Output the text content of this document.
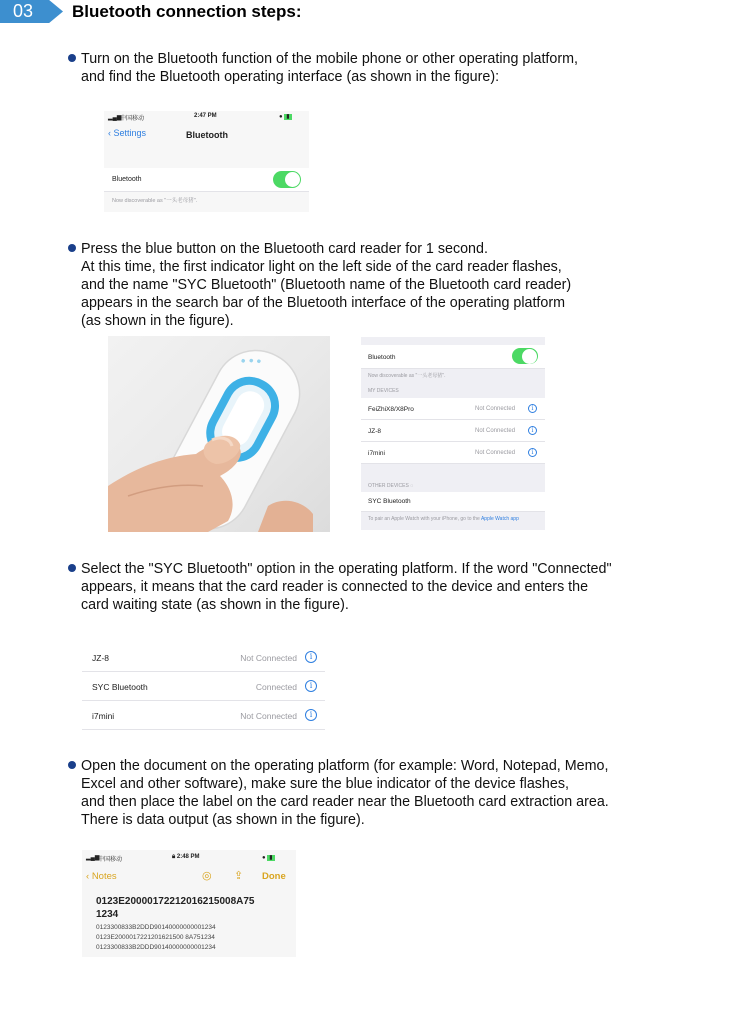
03	Bluetooth connection steps:
Turn on the Bluetooth function of the mobile phone or other operating platform,
and find the Bluetooth operating interface (as shown in the figure):
▂▄▆
中国移动	2:47 PM	● ▮
‹ Settings	Bluetooth
Bluetooth
Now discoverable as "一头老母猪".
Press the blue button on the Bluetooth card reader for 1 second.
At this time, the first indicator light on the left side of the card reader flashes,
and the name "SYC Bluetooth" (Bluetooth name of the Bluetooth card reader)
appears in the search bar of the Bluetooth interface of the operating platform
(as shown in the figure).
Bluetooth
Now discoverable as "一头老母猪".
MY DEVICES
FeiZhiX8/X8Pro	Not Connected	i
JZ-8	Not Connected	i
i7mini	Not Connected	i
OTHER DEVICES ◌
SYC Bluetooth
To pair an Apple Watch with your iPhone, go to the Apple Watch app
Select the "SYC Bluetooth" option in the operating platform. If the word "Connected"
appears, it means that the card reader is connected to the device and enters the
card waiting state (as shown in the figure).
JZ-8	Not Connected	i
SYC Bluetooth	Connected	i
i7mini	Not Connected	i
Open the document on the operating platform (for example: Word, Notepad, Memo,
Excel and other software), make sure the blue indicator of the device flashes,
and then place the label on the card reader near the Bluetooth card extraction area.
There is data output (as shown in the figure).
▂▄▆
中国移动	🔒︎ 2:48 PM	● ▮
‹ Notes	◎ ⇪ Done
0123E20000172212016215008A75
1234
0123300833B2DDD90140000000001234
0123E2000017221201621500 8A751234
0123300833B2DDD90140000000001234
